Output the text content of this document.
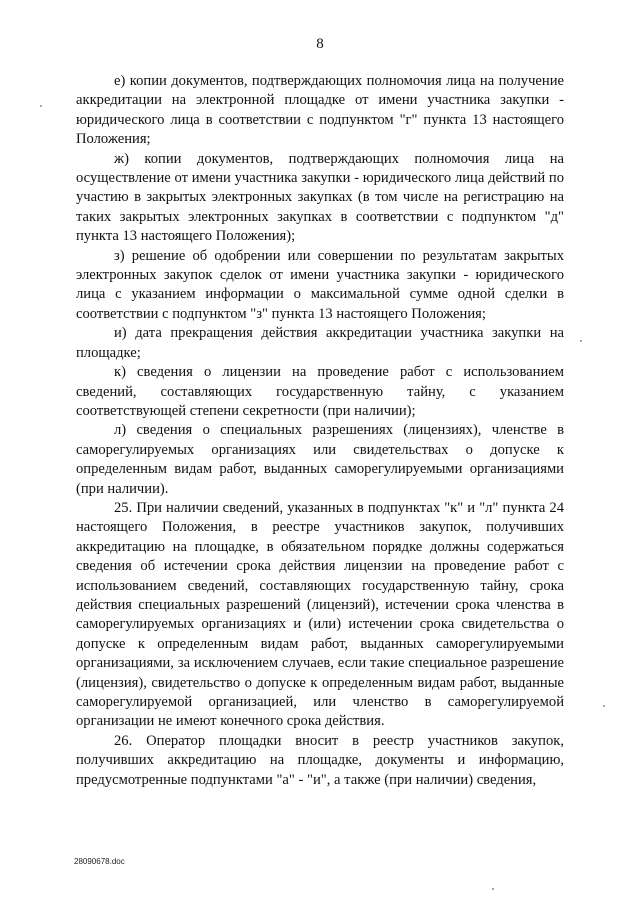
8

е) копии документов, подтверждающих полномочия лица на получение аккредитации на электронной площадке от имени участника закупки - юридического лица в соответствии с подпунктом "г" пункта 13 настоящего Положения;

ж) копии документов, подтверждающих полномочия лица на осуществление от имени участника закупки - юридического лица действий по участию в закрытых электронных закупках (в том числе на регистрацию на таких закрытых электронных закупках в соответствии с подпунктом "д" пункта 13 настоящего Положения);

з) решение об одобрении или совершении по результатам закрытых электронных закупок сделок от имени участника закупки - юридического лица с указанием информации о максимальной сумме одной сделки в соответствии с подпунктом "з" пункта 13 настоящего Положения;

и) дата прекращения действия аккредитации участника закупки на площадке;

к) сведения о лицензии на проведение работ с использованием сведений, составляющих государственную тайну, с указанием соответствующей степени секретности (при наличии);

л) сведения о специальных разрешениях (лицензиях), членстве в саморегулируемых организациях или свидетельствах о допуске к определенным видам работ, выданных саморегулируемыми организациями (при наличии).

25. При наличии сведений, указанных в подпунктах "к" и "л" пункта 24 настоящего Положения, в реестре участников закупок, получивших аккредитацию на площадке, в обязательном порядке должны содержаться сведения об истечении срока действия лицензии на проведение работ с использованием сведений, составляющих государственную тайну, срока действия специальных разрешений (лицензий), истечении срока членства в саморегулируемых организациях и (или) истечении срока свидетельства о допуске к определенным видам работ, выданных саморегулируемыми организациями, за исключением случаев, если такие специальное разрешение (лицензия), свидетельство о допуске к определенным видам работ, выданные саморегулируемой организацией, или членство в саморегулируемой организации не имеют конечного срока действия.

26. Оператор площадки вносит в реестр участников закупок, получивших аккредитацию на площадке, документы и информацию, предусмотренные подпунктами "а" - "и", а также (при наличии) сведения,

28090678.doc
